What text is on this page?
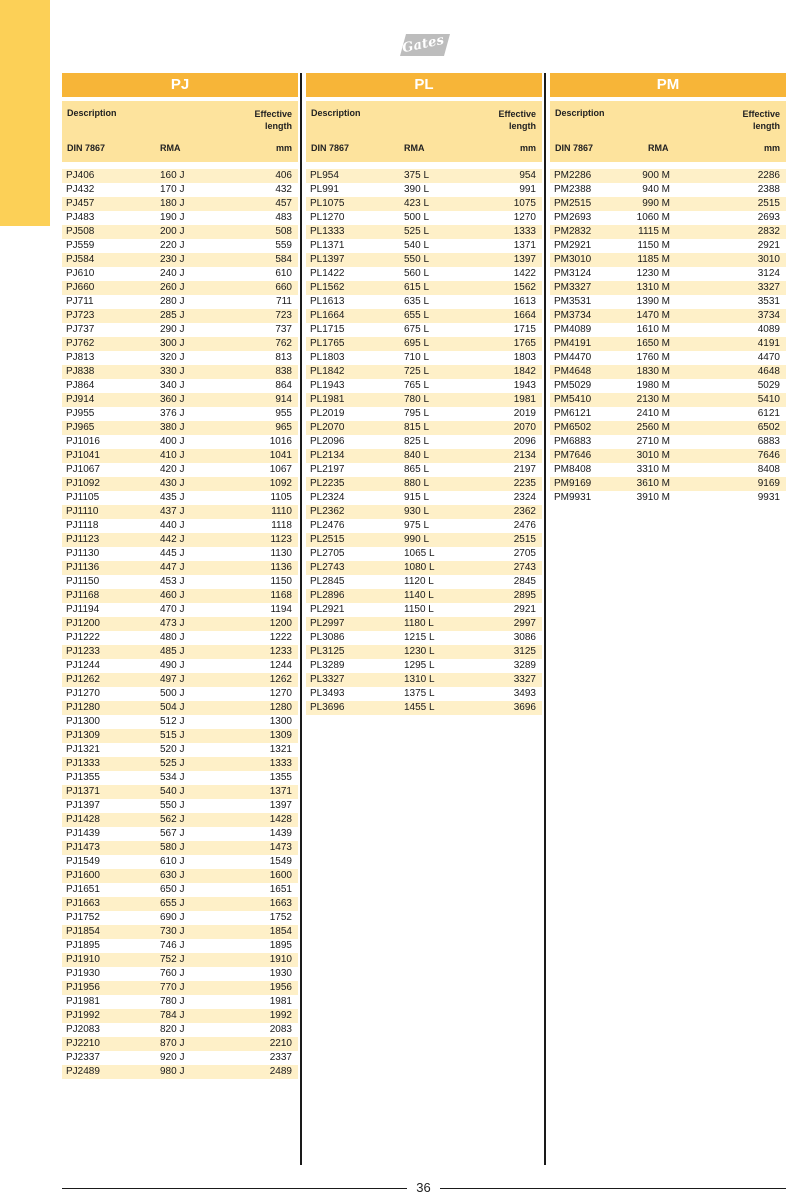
Gates
PJ
Description	Effective
length
DIN 7867	RMA	mm
PJ406	160 J	406
PJ432	170 J	432
PJ457	180 J	457
PJ483	190 J	483
PJ508	200 J	508
PJ559	220 J	559
PJ584	230 J	584
PJ610	240 J	610
PJ660	260 J	660
PJ711	280 J	711
PJ723	285 J	723
PJ737	290 J	737
PJ762	300 J	762
PJ813	320 J	813
PJ838	330 J	838
PJ864	340 J	864
PJ914	360 J	914
PJ955	376 J	955
PJ965	380 J	965
PJ1016	400 J	1016
PJ1041	410 J	1041
PJ1067	420 J	1067
PJ1092	430 J	1092
PJ1105	435 J	1105
PJ1110	437 J	1110
PJ1118	440 J	1118
PJ1123	442 J	1123
PJ1130	445 J	1130
PJ1136	447 J	1136
PJ1150	453 J	1150
PJ1168	460 J	1168
PJ1194	470 J	1194
PJ1200	473 J	1200
PJ1222	480 J	1222
PJ1233	485 J	1233
PJ1244	490 J	1244
PJ1262	497 J	1262
PJ1270	500 J	1270
PJ1280	504 J	1280
PJ1300	512 J	1300
PJ1309	515 J	1309
PJ1321	520 J	1321
PJ1333	525 J	1333
PJ1355	534 J	1355
PJ1371	540 J	1371
PJ1397	550 J	1397
PJ1428	562 J	1428
PJ1439	567 J	1439
PJ1473	580 J	1473
PJ1549	610 J	1549
PJ1600	630 J	1600
PJ1651	650 J	1651
PJ1663	655 J	1663
PJ1752	690 J	1752
PJ1854	730 J	1854
PJ1895	746 J	1895
PJ1910	752 J	1910
PJ1930	760 J	1930
PJ1956	770 J	1956
PJ1981	780 J	1981
PJ1992	784 J	1992
PJ2083	820 J	2083
PJ2210	870 J	2210
PJ2337	920 J	2337
PJ2489	980 J	2489
PL
Description	Effective
length
DIN 7867	RMA	mm
PL954	375 L	954
PL991	390 L	991
PL1075	423 L	1075
PL1270	500 L	1270
PL1333	525 L	1333
PL1371	540 L	1371
PL1397	550 L	1397
PL1422	560 L	1422
PL1562	615 L	1562
PL1613	635 L	1613
PL1664	655 L	1664
PL1715	675 L	1715
PL1765	695 L	1765
PL1803	710 L	1803
PL1842	725 L	1842
PL1943	765 L	1943
PL1981	780 L	1981
PL2019	795 L	2019
PL2070	815 L	2070
PL2096	825 L	2096
PL2134	840 L	2134
PL2197	865 L	2197
PL2235	880 L	2235
PL2324	915 L	2324
PL2362	930 L	2362
PL2476	975 L	2476
PL2515	990 L	2515
PL2705	1065 L	2705
PL2743	1080 L	2743
PL2845	1120 L	2845
PL2896	1140 L	2895
PL2921	1150 L	2921
PL2997	1180 L	2997
PL3086	1215 L	3086
PL3125	1230 L	3125
PL3289	1295 L	3289
PL3327	1310 L	3327
PL3493	1375 L	3493
PL3696	1455 L	3696
PM
Description	Effective
length
DIN 7867	RMA	mm
PM2286	900 M	2286
PM2388	940 M	2388
PM2515	990 M	2515
PM2693	1060 M	2693
PM2832	1115 M	2832
PM2921	1150 M	2921
PM3010	1185 M	3010
PM3124	1230 M	3124
PM3327	1310 M	3327
PM3531	1390 M	3531
PM3734	1470 M	3734
PM4089	1610 M	4089
PM4191	1650 M	4191
PM4470	1760 M	4470
PM4648	1830 M	4648
PM5029	1980 M	5029
PM5410	2130 M	5410
PM6121	2410 M	6121
PM6502	2560 M	6502
PM6883	2710 M	6883
PM7646	3010 M	7646
PM8408	3310 M	8408
PM9169	3610 M	9169
PM9931	3910 M	9931
36
